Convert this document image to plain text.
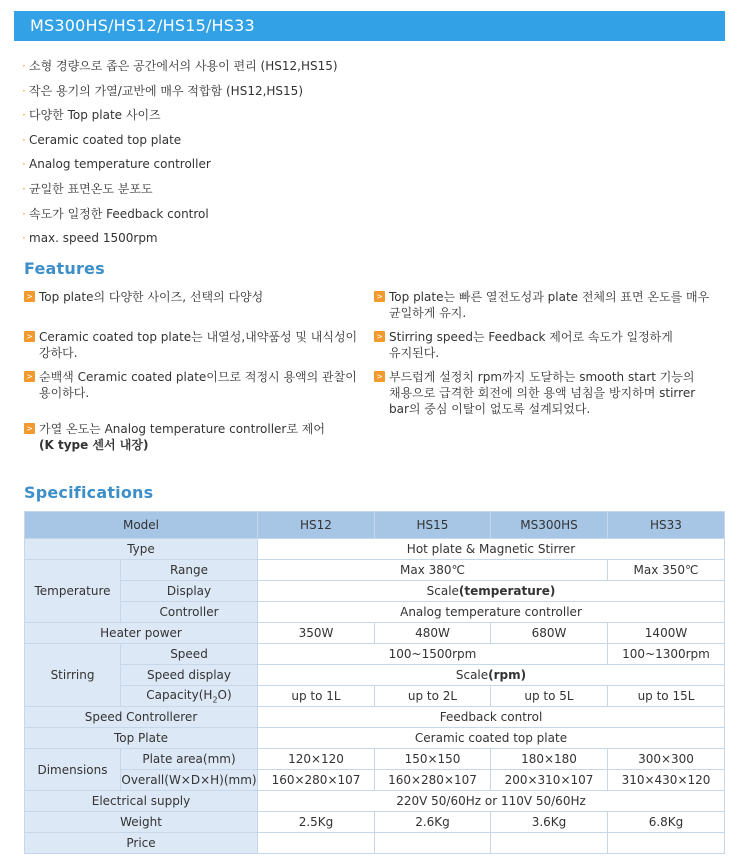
MS300HS/HS12/HS15/HS33
· 소형 경량으로 좁은 공간에서의 사용이 편리 (HS12,HS15)
· 작은 용기의 가열/교반에 매우 적합함 (HS12,HS15)
· 다양한 Top plate 사이즈
· Ceramic coated top plate
· Analog temperature controller
· 균일한 표면온도 분포도
· 속도가 일정한 Feedback control
· max. speed 1500rpm
Features
> Top plate의 다양한 사이즈, 선택의 다양성
> Ceramic coated top plate는 내열성,내약품성 및 내식성이
강하다.
> 순백색 Ceramic coated plate이므로 적정시 용액의 관찰이
용이하다.
> 가열 온도는 Analog temperature controller로 제어
(K type 센서 내장)
> Top plate는 빠른 열전도성과 plate 전체의 표면 온도를 매우
균일하게 유지.
> Stirring speed는 Feedback 제어로 속도가 일정하게
유지된다.
> 부드럽게 설정치 rpm까지 도달하는 smooth start 기능의
채용으로 급격한 회전에 의한 용액 넘침을 방지하며 stirrer
bar의 중심 이탈이 없도록 설계되었다.
Specifications
Model		HS12	HS15	MS300HS	HS33
Type		Hot plate & Magnetic Stirrer			
Temperature	Range	Max 380℃			Max 350℃
	Display	Scale(temperature)			
	Controller	Analog temperature controller			
Heater power		350W	480W	680W	1400W
Stirring	Speed	100~1500rpm			100~1300rpm
	Speed display	Scale(rpm)			
	$Capacity(H_2O)$	up to 1L	up to 2L	up to 5L	up to 15L
Speed Controllerer		Feedback control			
Top Plate		Ceramic coated top plate			
Dimensions	Plate area(mm)	120×120	150×150	180×180	300×300
	Overall(W×D×H)(mm)	160×280×107	160×280×107	200×310×107	310×430×120
Electrical supply		220V 50/60Hz or 110V 50/60Hz			
Weight		2.5Kg	2.6Kg	3.6Kg	6.8Kg
Price					
